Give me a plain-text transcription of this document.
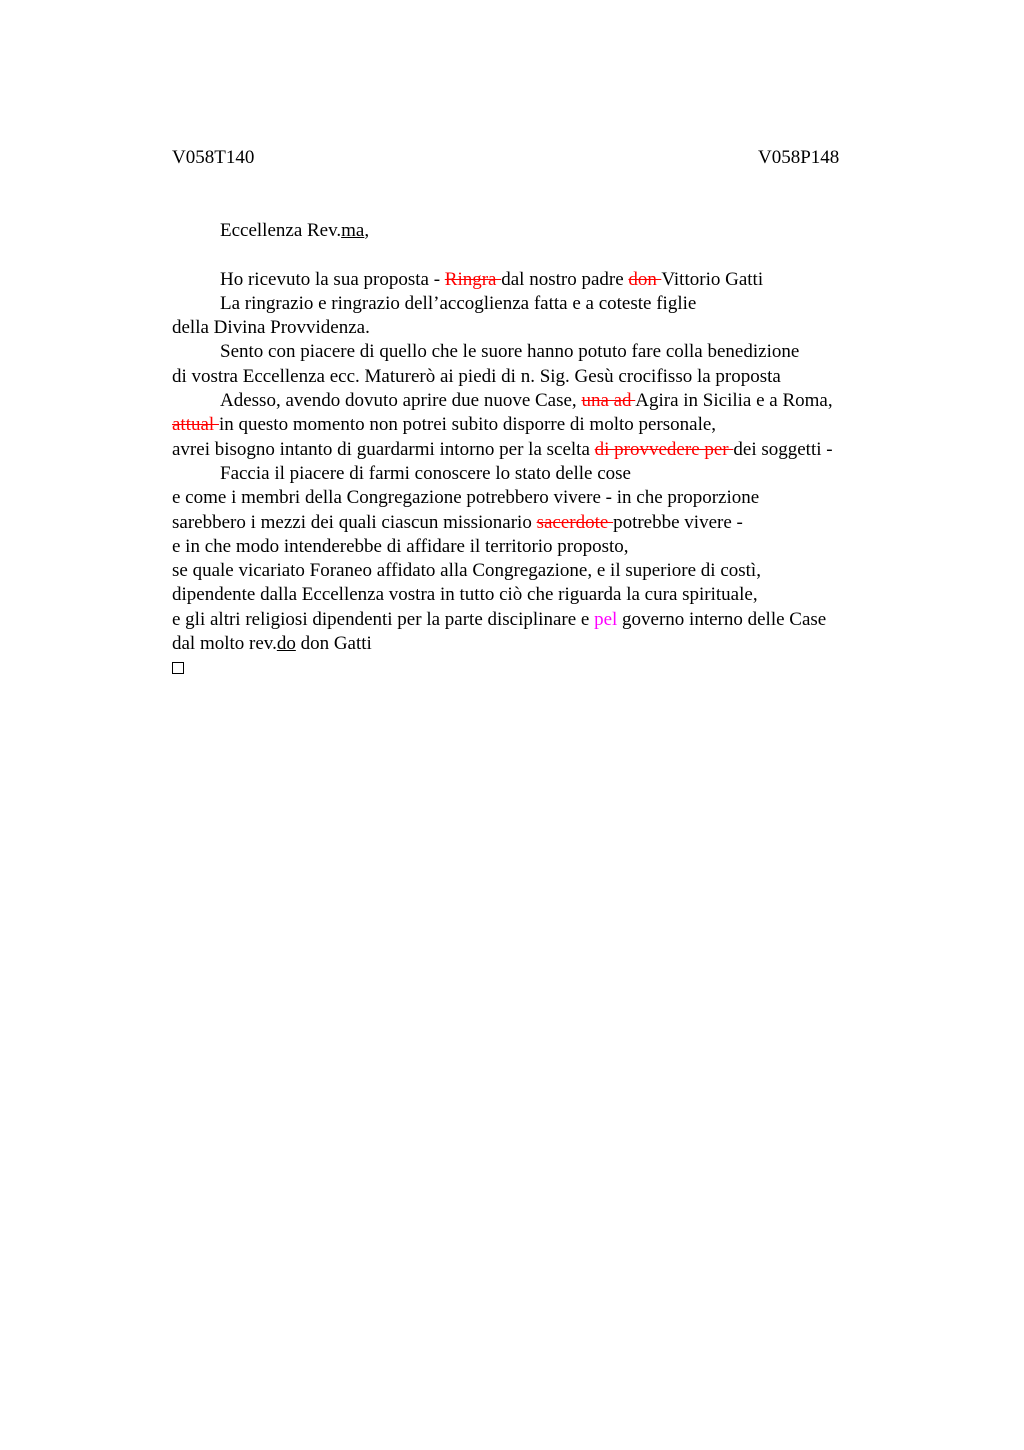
V058T140	V058P148
Eccellenza Rev.ma,
Ho ricevuto la sua proposta - Ringra dal nostro padre don Vittorio Gatti
La ringrazio e ringrazio dell’accoglienza fatta e a coteste figlie
della Divina Provvidenza.
Sento con piacere di quello che le suore hanno potuto fare colla benedizione
di vostra Eccellenza ecc. Maturerò ai piedi di n. Sig. Gesù crocifisso la proposta
Adesso, avendo dovuto aprire due nuove Case, una ad Agira in Sicilia e a Roma,
attual in questo momento non potrei subito disporre di molto personale,
avrei bisogno intanto di guardarmi intorno per la scelta di provvedere per dei soggetti -
Faccia il piacere di farmi conoscere lo stato delle cose
e come i membri della Congregazione potrebbero vivere - in che proporzione
sarebbero i mezzi dei quali ciascun missionario sacerdote potrebbe vivere -
e in che modo intenderebbe di affidare il territorio proposto,
se quale vicariato Foraneo affidato alla Congregazione, e il superiore di costì,
dipendente dalla Eccellenza vostra in tutto ciò che riguarda la cura spirituale,
e gli altri religiosi dipendenti per la parte disciplinare e pel governo interno delle Case
dal molto rev.do don Gatti
